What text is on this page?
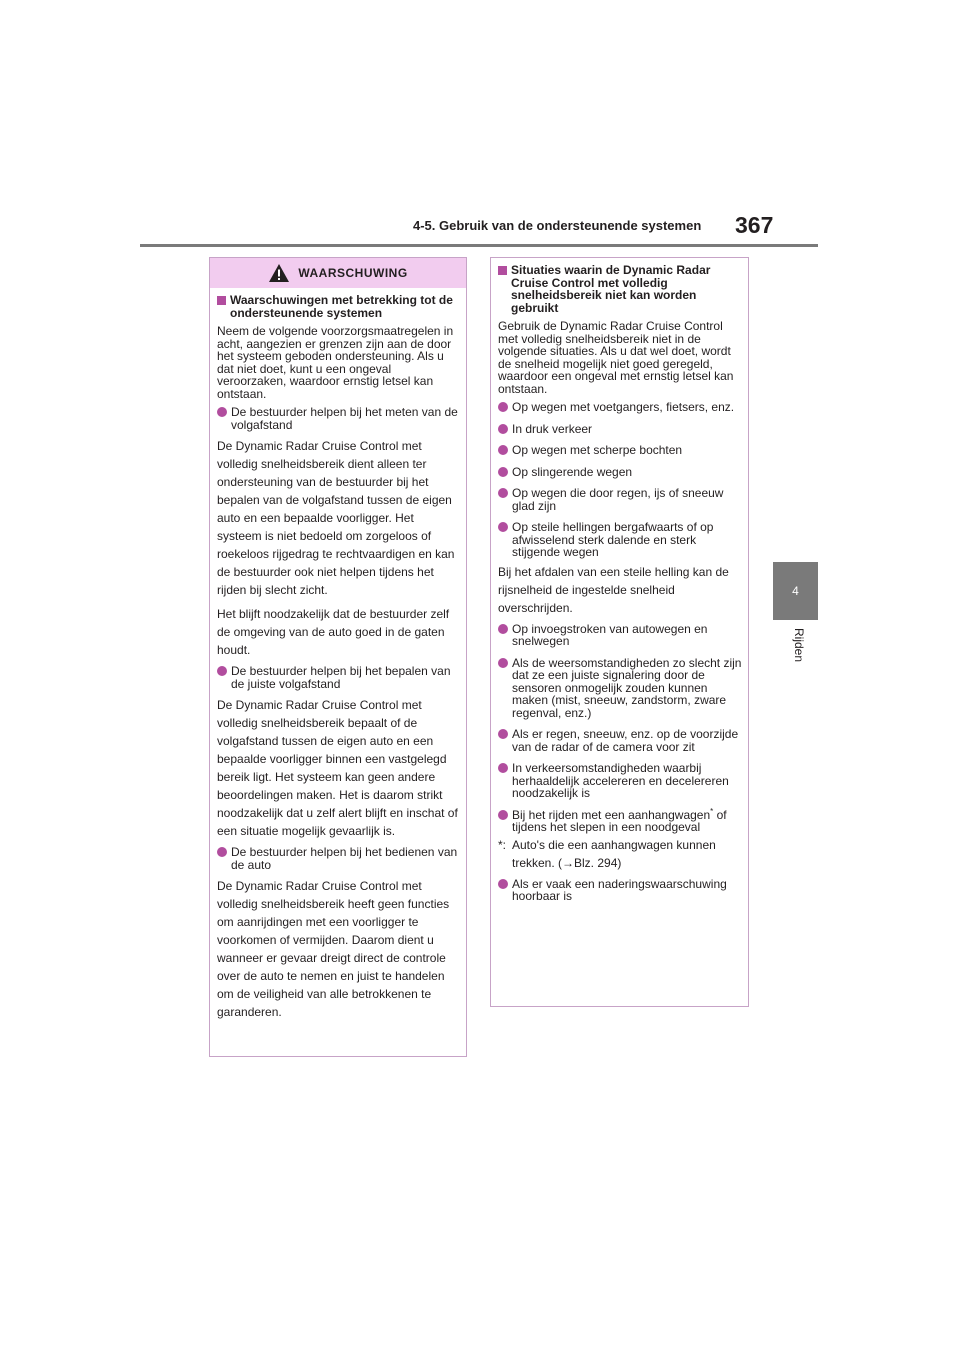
4-5. Gebruik van de ondersteunende systemen 367
4
Rijden
WAARSCHUWING
Waarschuwingen met betrekking tot de ondersteunende systemen

Neem de volgende voorzorgsmaatregelen in acht, aangezien er grenzen zijn aan de door het systeem geboden ondersteuning. Als u dat niet doet, kunt u een ongeval veroorzaken, waardoor ernstig letsel kan ontstaan.

De bestuurder helpen bij het meten van de volgafstand

De Dynamic Radar Cruise Control met volledig snelheidsbereik dient alleen ter ondersteuning van de bestuurder bij het bepalen van de volgafstand tussen de eigen auto en een bepaalde voorligger. Het systeem is niet bedoeld om zorgeloos of roekeloos rijgedrag te rechtvaardigen en kan de bestuurder ook niet helpen tijdens het rijden bij slecht zicht.

Het blijft noodzakelijk dat de bestuurder zelf de omgeving van de auto goed in de gaten houdt.

De bestuurder helpen bij het bepalen van de juiste volgafstand

De Dynamic Radar Cruise Control met volledig snelheidsbereik bepaalt of de volgafstand tussen de eigen auto en een bepaalde voorligger binnen een vastgelegd bereik ligt. Het systeem kan geen andere beoordelingen maken. Het is daarom strikt noodzakelijk dat u zelf alert blijft en inschat of een situatie mogelijk gevaarlijk is.

De bestuurder helpen bij het bedienen van de auto

De Dynamic Radar Cruise Control met volledig snelheidsbereik heeft geen functies om aanrijdingen met een voorligger te voorkomen of vermijden. Daarom dient u wanneer er gevaar dreigt direct de controle over de auto te nemen en juist te handelen om de veiligheid van alle betrokkenen te garanderen.

Situaties waarin de Dynamic Radar Cruise Control met volledig snelheidsbereik niet kan worden gebruikt

Gebruik de Dynamic Radar Cruise Control met volledig snelheidsbereik niet in de volgende situaties. Als u dat wel doet, wordt de snelheid mogelijk niet goed geregeld, waardoor een ongeval met ernstig letsel kan ontstaan.

Op wegen met voetgangers, fietsers, enz.
In druk verkeer
Op wegen met scherpe bochten
Op slingerende wegen
Op wegen die door regen, ijs of sneeuw glad zijn
Op steile hellingen bergafwaarts of op afwisselend sterk dalende en sterk stijgende wegen

Bij het afdalen van een steile helling kan de rijsnelheid de ingestelde snelheid overschrijden.

Op invoegstroken van autowegen en snelwegen
Als de weersomstandigheden zo slecht zijn dat ze een juiste signalering door de sensoren onmogelijk zouden kunnen maken (mist, sneeuw, zandstorm, zware regenval, enz.)
Als er regen, sneeuw, enz. op de voorzijde van de radar of de camera voor zit
In verkeersomstandigheden waarbij herhaaldelijk accelereren en decelereren noodzakelijk is
Bij het rijden met een aanhangwagen* of tijdens het slepen in een noodgeval
*: Auto's die een aanhangwagen kunnen trekken. (→Blz. 294)
Als er vaak een naderingswaarschuwing hoorbaar is
